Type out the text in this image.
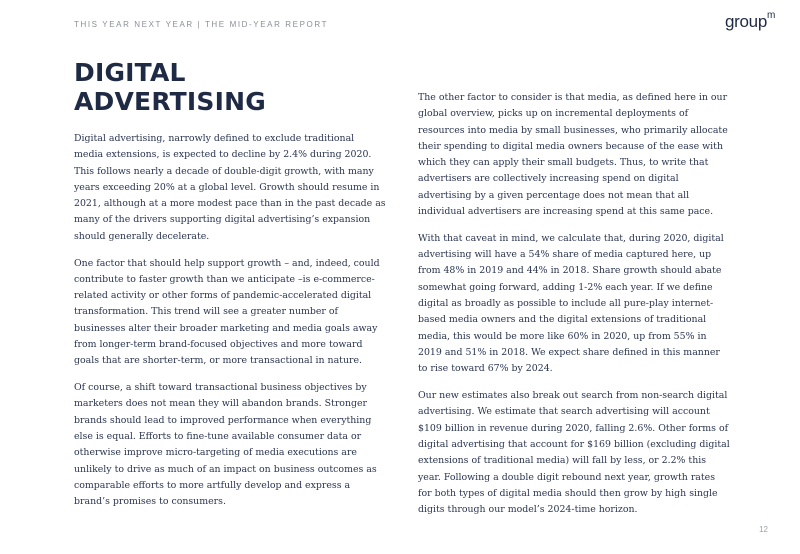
THIS YEAR NEXT YEAR | THE MID-YEAR REPORT	group$^m$
DIGITAL
ADVERTISING

Digital advertising, narrowly defined to exclude traditional media extensions, is expected to decline by 2.4% during 2020. This follows nearly a decade of double-digit growth, with many years exceeding 20% at a global level. Growth should resume in 2021, although at a more modest pace than in the past decade as many of the drivers supporting digital advertising’s expansion should generally decelerate.

One factor that should help support growth – and, indeed, could contribute to faster growth than we anticipate –is e-commerce-related activity or other forms of pandemic-accelerated digital transformation. This trend will see a greater number of businesses alter their broader marketing and media goals away from longer-term brand-focused objectives and more toward goals that are shorter-term, or more transactional in nature.

Of course, a shift toward transactional business objectives by marketers does not mean they will abandon brands. Stronger brands should lead to improved performance when everything else is equal. Efforts to fine-tune available consumer data or otherwise improve micro-targeting of media executions are unlikely to drive as much of an impact on business outcomes as comparable efforts to more artfully develop and express a brand’s promises to consumers.

The other factor to consider is that media, as defined here in our global overview, picks up on incremental deployments of resources into media by small businesses, who primarily allocate their spending to digital media owners because of the ease with which they can apply their small budgets. Thus, to write that advertisers are collectively increasing spend on digital advertising by a given percentage does not mean that all individual advertisers are increasing spend at this same pace.

With that caveat in mind, we calculate that, during 2020, digital advertising will have a 54% share of media captured here, up from 48% in 2019 and 44% in 2018. Share growth should abate somewhat going forward, adding 1-2% each year. If we define digital as broadly as possible to include all pure-play internet-based media owners and the digital extensions of traditional media, this would be more like 60% in 2020, up from 55% in 2019 and 51% in 2018. We expect share defined in this manner to rise toward 67% by 2024.

Our new estimates also break out search from non-search digital advertising. We estimate that search advertising will account $109 billion in revenue during 2020, falling 2.6%. Other forms of digital advertising that account for $169 billion (excluding digital extensions of traditional media) will fall by less, or 2.2% this year. Following a double digit rebound next year, growth rates for both types of digital media should then grow by high single digits through our model’s 2024-time horizon.

12
